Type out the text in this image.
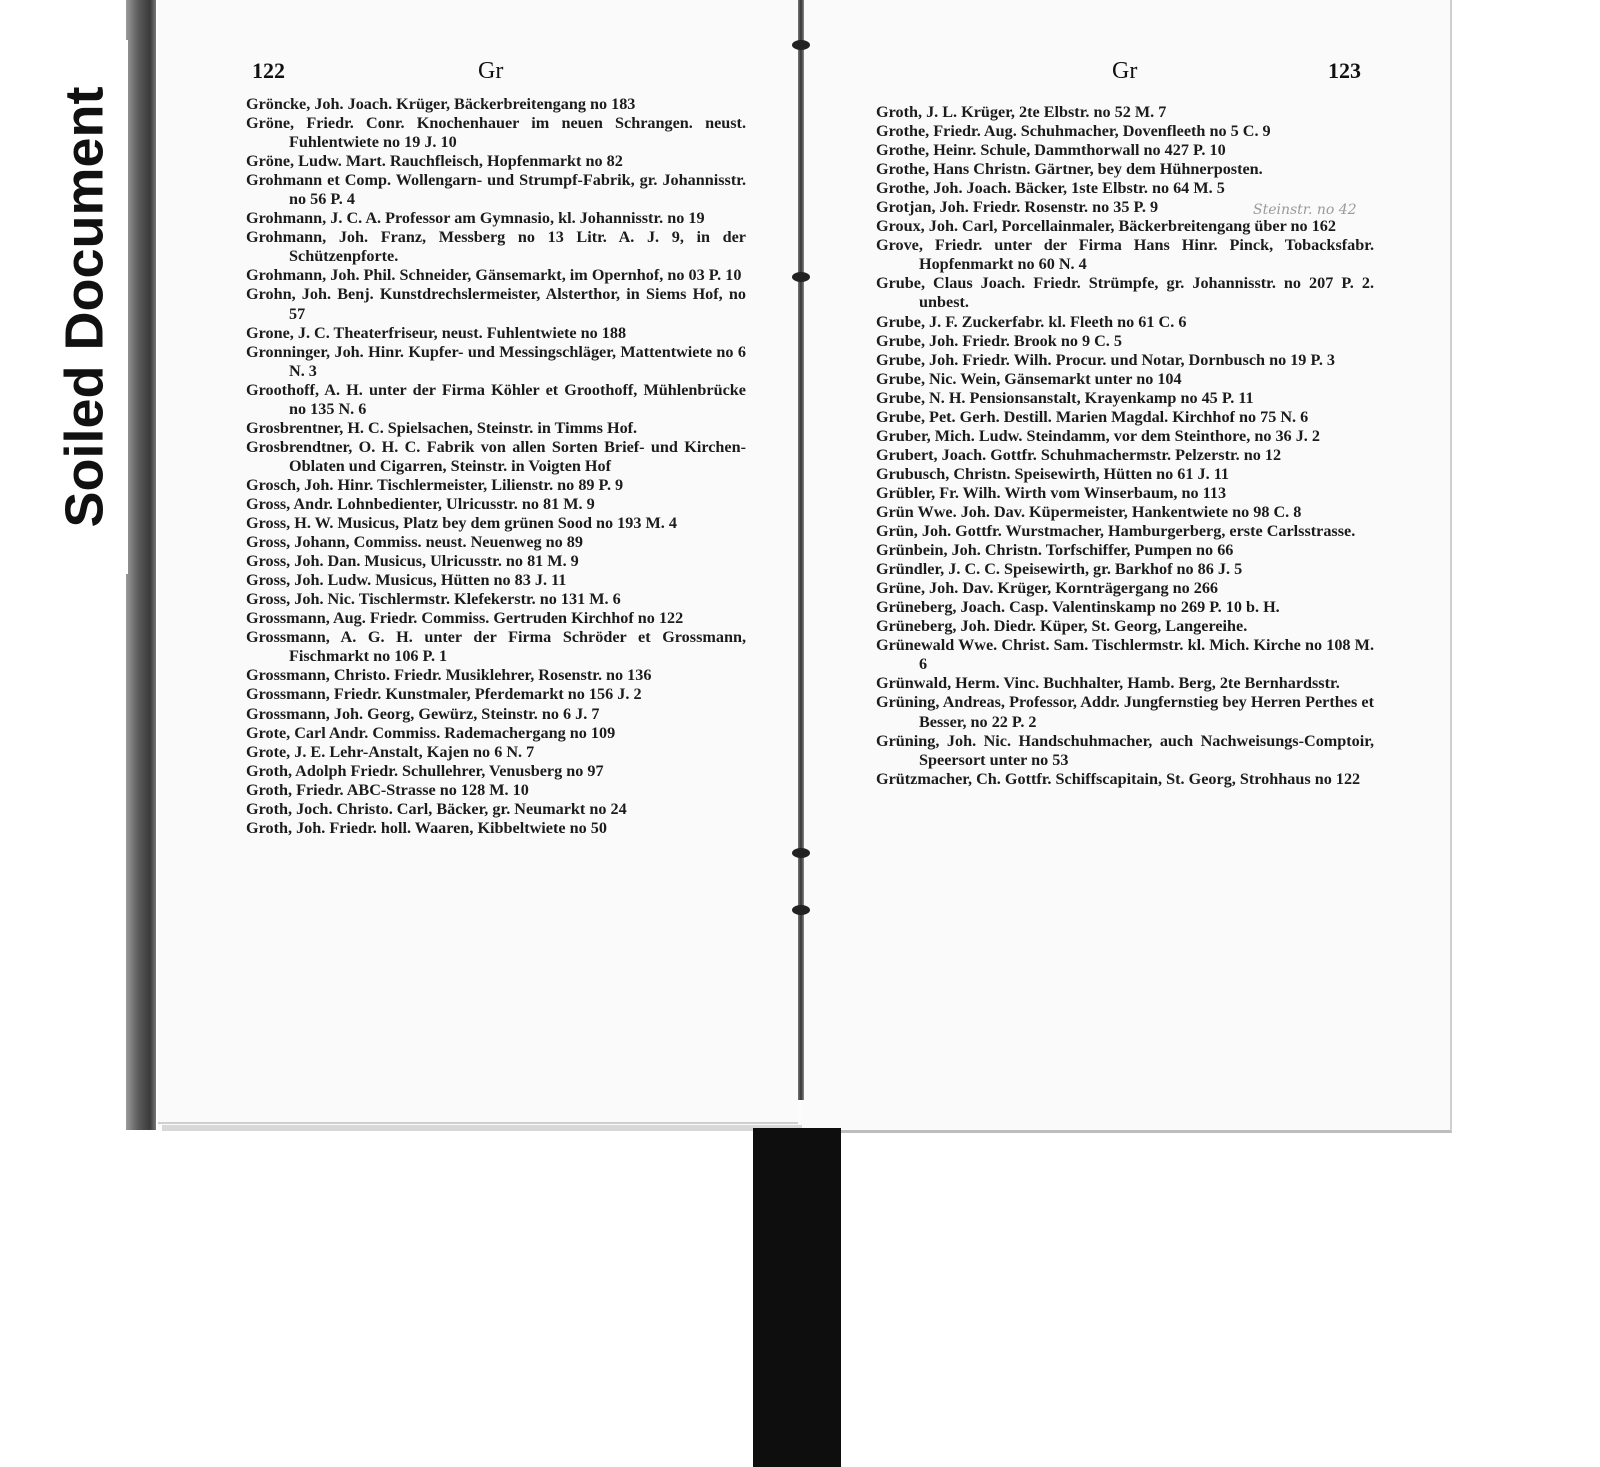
Soiled Document
122	Gr	Gr	123

Gröncke, Joh. Joach. Krüger, Bäckerbreitengang no 183

Gröne, Friedr. Conr. Knochenhauer im neuen Schrangen. neust. Fuhlentwiete no 19 J. 10

Gröne, Ludw. Mart. Rauchfleisch, Hopfenmarkt no 82

Grohmann et Comp. Wollengarn- und Strumpf-Fabrik, gr. Johannisstr. no 56 P. 4

Grohmann, J. C. A. Professor am Gymnasio, kl. Johannisstr. no 19

Grohmann, Joh. Franz, Messberg no 13 Litr. A. J. 9, in der Schützenpforte.

Grohmann, Joh. Phil. Schneider, Gänsemarkt, im Opernhof, no 03 P. 10

Grohn, Joh. Benj. Kunstdrechslermeister, Alsterthor, in Siems Hof, no 57

Grone, J. C. Theaterfriseur, neust. Fuhlentwiete no 188

Gronninger, Joh. Hinr. Kupfer- und Messingschläger, Mattentwiete no 6 N. 3

Groothoff, A. H. unter der Firma Köhler et Groothoff, Mühlenbrücke no 135 N. 6

Grosbrentner, H. C. Spielsachen, Steinstr. in Timms Hof.

Grosbrendtner, O. H. C. Fabrik von allen Sorten Brief- und Kirchen-Oblaten und Cigarren, Steinstr. in Voigten Hof

Grosch, Joh. Hinr. Tischlermeister, Lilienstr. no 89 P. 9

Gross, Andr. Lohnbedienter, Ulricusstr. no 81 M. 9

Gross, H. W. Musicus, Platz bey dem grünen Sood no 193 M. 4

Gross, Johann, Commiss. neust. Neuenweg no 89

Gross, Joh. Dan. Musicus, Ulricusstr. no 81 M. 9

Gross, Joh. Ludw. Musicus, Hütten no 83 J. 11

Gross, Joh. Nic. Tischlermstr. Klefekerstr. no 131 M. 6

Grossmann, Aug. Friedr. Commiss. Gertruden Kirchhof no 122

Grossmann, A. G. H. unter der Firma Schröder et Grossmann, Fischmarkt no 106 P. 1

Grossmann, Christo. Friedr. Musiklehrer, Rosenstr. no 136

Grossmann, Friedr. Kunstmaler, Pferdemarkt no 156 J. 2

Grossmann, Joh. Georg, Gewürz, Steinstr. no 6 J. 7

Grote, Carl Andr. Commiss. Rademachergang no 109

Grote, J. E. Lehr-Anstalt, Kajen no 6 N. 7

Groth, Adolph Friedr. Schullehrer, Venusberg no 97

Groth, Friedr. ABC-Strasse no 128 M. 10

Groth, Joch. Christo. Carl, Bäcker, gr. Neumarkt no 24

Groth, Joh. Friedr. holl. Waaren, Kibbeltwiete no 50

Groth, J. L. Krüger, 2te Elbstr. no 52 M. 7

Grothe, Friedr. Aug. Schuhmacher, Dovenfleeth no 5 C. 9

Grothe, Heinr. Schule, Dammthorwall no 427 P. 10

Grothe, Hans Christn. Gärtner, bey dem Hühnerposten.

Grothe, Joh. Joach. Bäcker, 1ste Elbstr. no 64 M. 5

Grotjan, Joh. Friedr. Rosenstr. no 35 P. 9

Groux, Joh. Carl, Porcellainmaler, Bäckerbreitengang über no 162

Grove, Friedr. unter der Firma Hans Hinr. Pinck, Tobacksfabr. Hopfenmarkt no 60 N. 4

Grube, Claus Joach. Friedr. Strümpfe, gr. Johannisstr. no 207 P. 2. unbest.

Grube, J. F. Zuckerfabr. kl. Fleeth no 61 C. 6

Grube, Joh. Friedr. Brook no 9 C. 5

Grube, Joh. Friedr. Wilh. Procur. und Notar, Dornbusch no 19 P. 3

Grube, Nic. Wein, Gänsemarkt unter no 104

Grube, N. H. Pensionsanstalt, Krayenkamp no 45 P. 11

Grube, Pet. Gerh. Destill. Marien Magdal. Kirchhof no 75 N. 6

Gruber, Mich. Ludw. Steindamm, vor dem Steinthore, no 36 J. 2

Grubert, Joach. Gottfr. Schuhmachermstr. Pelzerstr. no 12

Grubusch, Christn. Speisewirth, Hütten no 61 J. 11

Grübler, Fr. Wilh. Wirth vom Winserbaum, no 113

Grün Wwe. Joh. Dav. Küpermeister, Hankentwiete no 98 C. 8

Grün, Joh. Gottfr. Wurstmacher, Hamburgerberg, erste Carlsstrasse.

Grünbein, Joh. Christn. Torfschiffer, Pumpen no 66

Gründler, J. C. C. Speisewirth, gr. Barkhof no 86 J. 5

Grüne, Joh. Dav. Krüger, Kornträgergang no 266

Grüneberg, Joach. Casp. Valentinskamp no 269 P. 10 b. H.

Grüneberg, Joh. Diedr. Küper, St. Georg, Langereihe.

Grünewald Wwe. Christ. Sam. Tischlermstr. kl. Mich. Kirche no 108 M. 6

Grünwald, Herm. Vinc. Buchhalter, Hamb. Berg, 2te Bernhardsstr.

Grüning, Andreas, Professor, Addr. Jungfernstieg bey Herren Perthes et Besser, no 22 P. 2

Grüning, Joh. Nic. Handschuhmacher, auch Nachweisungs-Comptoir, Speersort unter no 53

Grützmacher, Ch. Gottfr. Schiffscapitain, St. Georg, Strohhaus no 122

Steinstr. no 42
